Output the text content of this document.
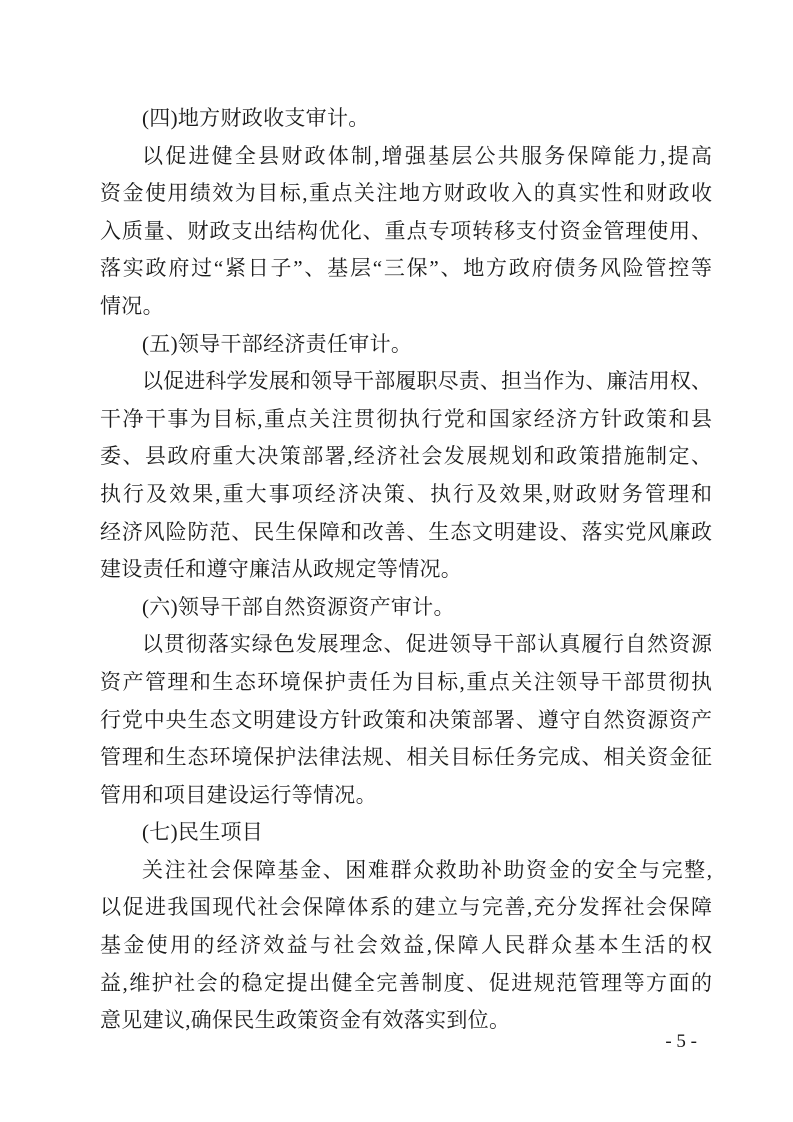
(四)地方财政收支审计。
以促进健全县财政体制,增强基层公共服务保障能力,提高
资金使用绩效为目标,重点关注地方财政收入的真实性和财政收
入质量、财政支出结构优化、重点专项转移支付资金管理使用、
落实政府过“紧日子”、基层“三保”、地方政府债务风险管控等
情况。
(五)领导干部经济责任审计。
以促进科学发展和领导干部履职尽责、担当作为、廉洁用权、
干净干事为目标,重点关注贯彻执行党和国家经济方针政策和县
委、县政府重大决策部署,经济社会发展规划和政策措施制定、
执行及效果,重大事项经济决策、执行及效果,财政财务管理和
经济风险防范、民生保障和改善、生态文明建设、落实党风廉政
建设责任和遵守廉洁从政规定等情况。
(六)领导干部自然资源资产审计。
以贯彻落实绿色发展理念、促进领导干部认真履行自然资源
资产管理和生态环境保护责任为目标,重点关注领导干部贯彻执
行党中央生态文明建设方针政策和决策部署、遵守自然资源资产
管理和生态环境保护法律法规、相关目标任务完成、相关资金征
管用和项目建设运行等情况。
(七)民生项目
关注社会保障基金、困难群众救助补助资金的安全与完整,
以促进我国现代社会保障体系的建立与完善,充分发挥社会保障
基金使用的经济效益与社会效益,保障人民群众基本生活的权
益,维护社会的稳定提出健全完善制度、促进规范管理等方面的
意见建议,确保民生政策资金有效落实到位。
- 5 -
